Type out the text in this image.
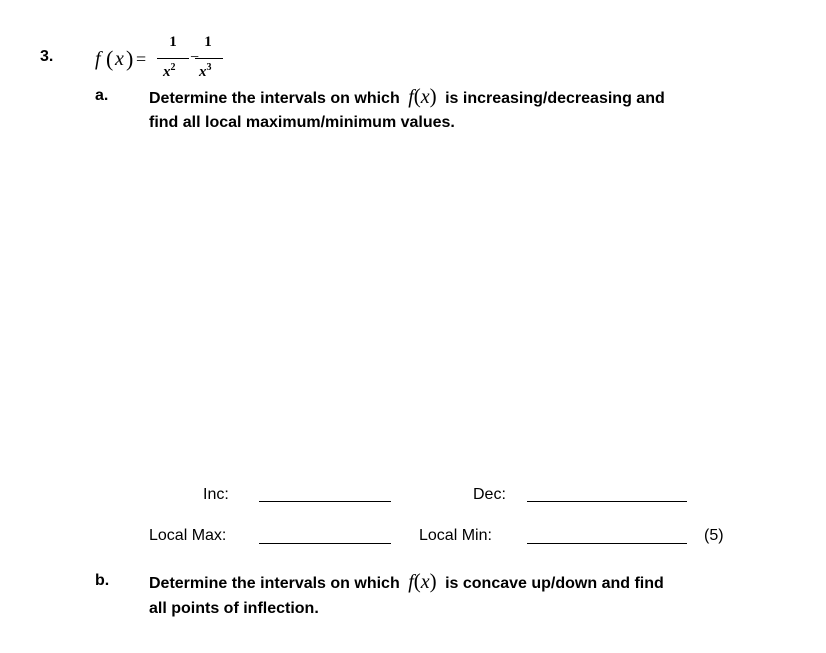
3. f ( x ) =
1
$x^2$
−
1
$x^3$
a.	Determine the intervals on which f(x) is increasing/decreasing and
find all local maximum/minimum values.
Inc:	Dec:
Local Max:	Local Min:	(5)
b. Determine the intervals on which f(x) is concave up/down and find
all points of inflection.
